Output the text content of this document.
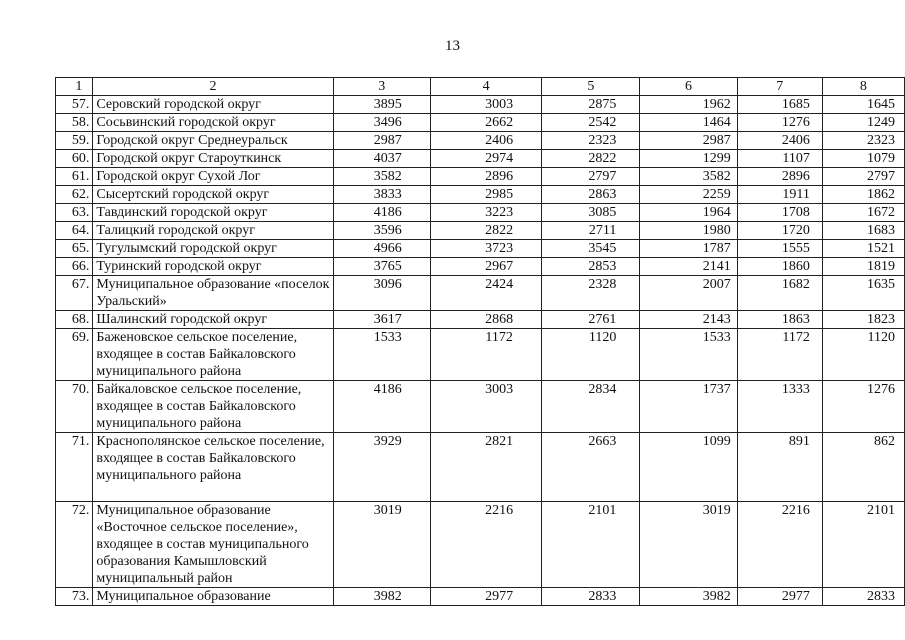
13
1	2	3	4	5	6	7	8
57.	Серовский городской округ	3895	3003	2875	1962	1685	1645
58.	Сосьвинский городской округ	3496	2662	2542	1464	1276	1249
59.	Городской округ Среднеуральск	2987	2406	2323	2987	2406	2323
60.	Городской округ Староуткинск	4037	2974	2822	1299	1107	1079
61.	Городской округ Сухой Лог	3582	2896	2797	3582	2896	2797
62.	Сысертский городской округ	3833	2985	2863	2259	1911	1862
63.	Тавдинский городской округ	4186	3223	3085	1964	1708	1672
64.	Талицкий городской округ	3596	2822	2711	1980	1720	1683
65.	Тугулымский городской округ	4966	3723	3545	1787	1555	1521
66.	Туринский городской округ	3765	2967	2853	2141	1860	1819
67.	Муниципальное образование «поселок Уральский»	3096	2424	2328	2007	1682	1635
68.	Шалинский городской округ	3617	2868	2761	2143	1863	1823
69.	Баженовское сельское поселение, входящее в состав Байкаловского муниципального района	1533	1172	1120	1533	1172	1120
70.	Байкаловское сельское поселение, входящее в состав Байкаловского муниципального района	4186	3003	2834	1737	1333	1276
71.	Краснополянское сельское поселение, входящее в состав Байкаловского муниципального района	3929	2821	2663	1099	891	862
72.	Муниципальное образование «Восточное сельское поселение», входящее в состав муниципального образования Камышловский муниципальный район	3019	2216	2101	3019	2216	2101
73.	Муниципальное образование	3982	2977	2833	3982	2977	2833
